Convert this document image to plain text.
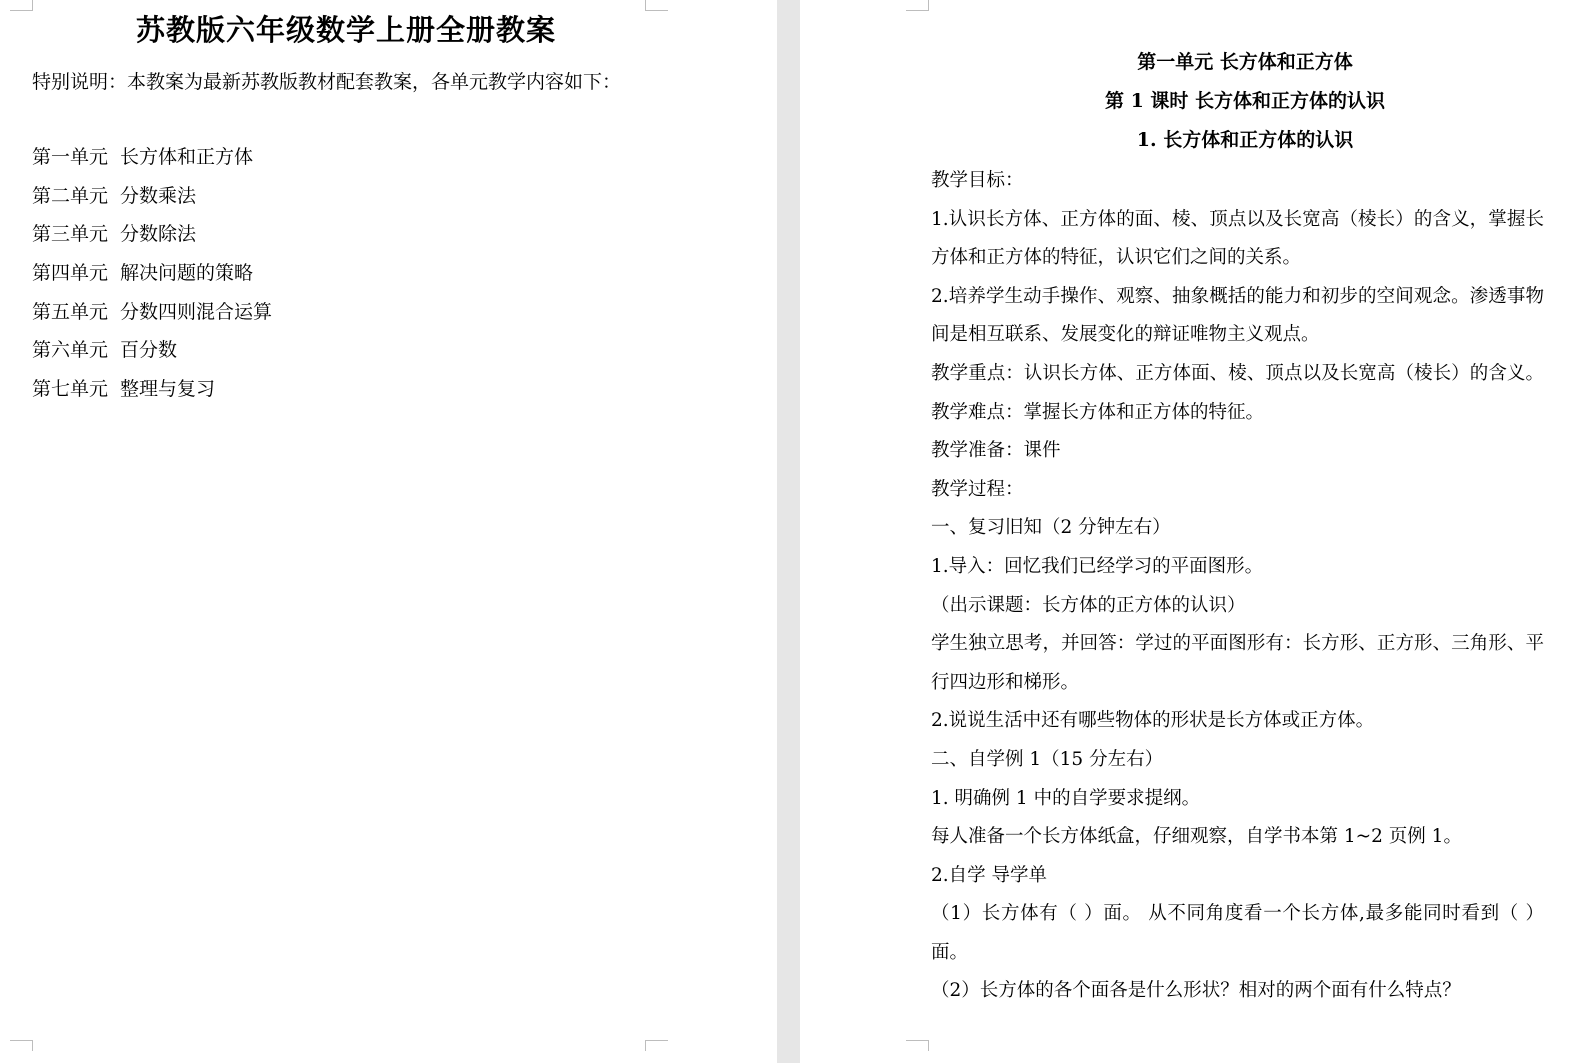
苏教版六年级数学上册全册教案
特别说明：本教案为最新苏教版教材配套教案，各单元教学内容如下：
第一单元 长方体和正方体
第二单元 分数乘法
第三单元 分数除法
第四单元 解决问题的策略
第五单元 分数四则混合运算
第六单元 百分数
第七单元 整理与复习
第一单元 长方体和正方体
第 1 课时 长方体和正方体的认识
1. 长方体和正方体的认识

教学目标：

1.认识长方体、正方体的面、棱、顶点以及长宽高（棱长）的含义，掌握长方体和正方体的特征，认识它们之间的关系。

2.培养学生动手操作、观察、抽象概括的能力和初步的空间观念。渗透事物间是相互联系、发展变化的辩证唯物主义观点。

教学重点：认识长方体、正方体面、棱、顶点以及长宽高（棱长）的含义。 教学难点：掌握长方体和正方体的特征。

教学准备：课件

教学过程：

一、复习旧知（2 分钟左右）

1.导入：回忆我们已经学习的平面图形。

（出示课题：长方体的正方体的认识）

学生独立思考，并回答：学过的平面图形有：长方形、正方形、三角形、平行四边形和梯形。

2.说说生活中还有哪些物体的形状是长方体或正方体。

二、自学例 1（15 分左右）

1. 明确例 1 中的自学要求提纲。

每人准备一个长方体纸盒，仔细观察，自学书本第 1~2 页例 1。

2.自学 导学单

（1）长方体有（ ）面。 从不同角度看一个长方体,最多能同时看到（ ）面。

（2）长方体的各个面各是什么形状？相对的两个面有什么特点？
